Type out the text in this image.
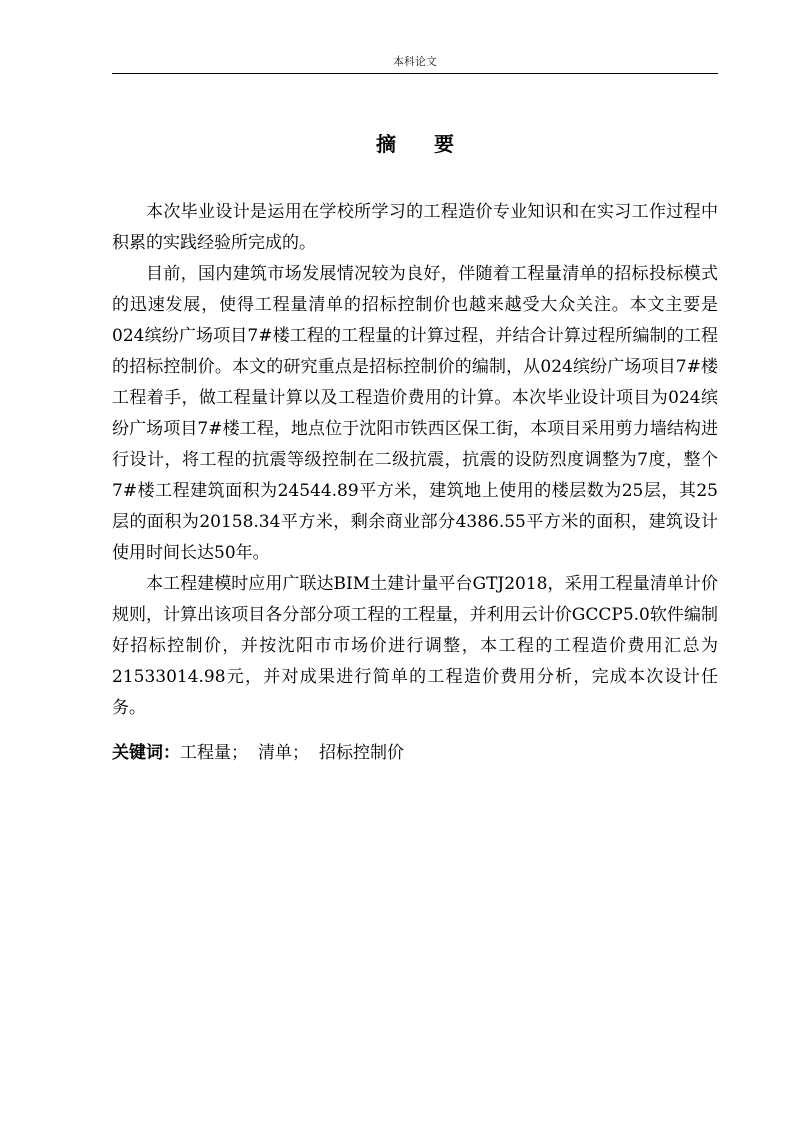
本科论文
摘要

本次毕业设计是运用在学校所学习的工程造价专业知识和在实习工作过程中积累的实践经验所完成的。

目前，国内建筑市场发展情况较为良好，伴随着工程量清单的招标投标模式的迅速发展，使得工程量清单的招标控制价也越来越受大众关注。本文主要是024缤纷广场项目7#楼工程的工程量的计算过程，并结合计算过程所编制的工程的招标控制价。本文的研究重点是招标控制价的编制，从024缤纷广场项目7#楼工程着手，做工程量计算以及工程造价费用的计算。本次毕业设计项目为024缤纷广场项目7#楼工程，地点位于沈阳市铁西区保工街，本项目采用剪力墙结构进行设计，将工程的抗震等级控制在二级抗震，抗震的设防烈度调整为7度，整个7#楼工程建筑面积为24544.89平方米，建筑地上使用的楼层数为25层，其25层的面积为20158.34平方米，剩余商业部分4386.55平方米的面积，建筑设计使用时间长达50年。

本工程建模时应用广联达BIM土建计量平台GTJ2018，采用工程量清单计价规则，计算出该项目各分部分项工程的工程量，并利用云计价GCCP5.0软件编制好招标控制价，并按沈阳市市场价进行调整，本工程的工程造价费用汇总为21533014.98元，并对成果进行简单的工程造价费用分析，完成本次设计任务。

关键词：工程量； 清单； 招标控制价
